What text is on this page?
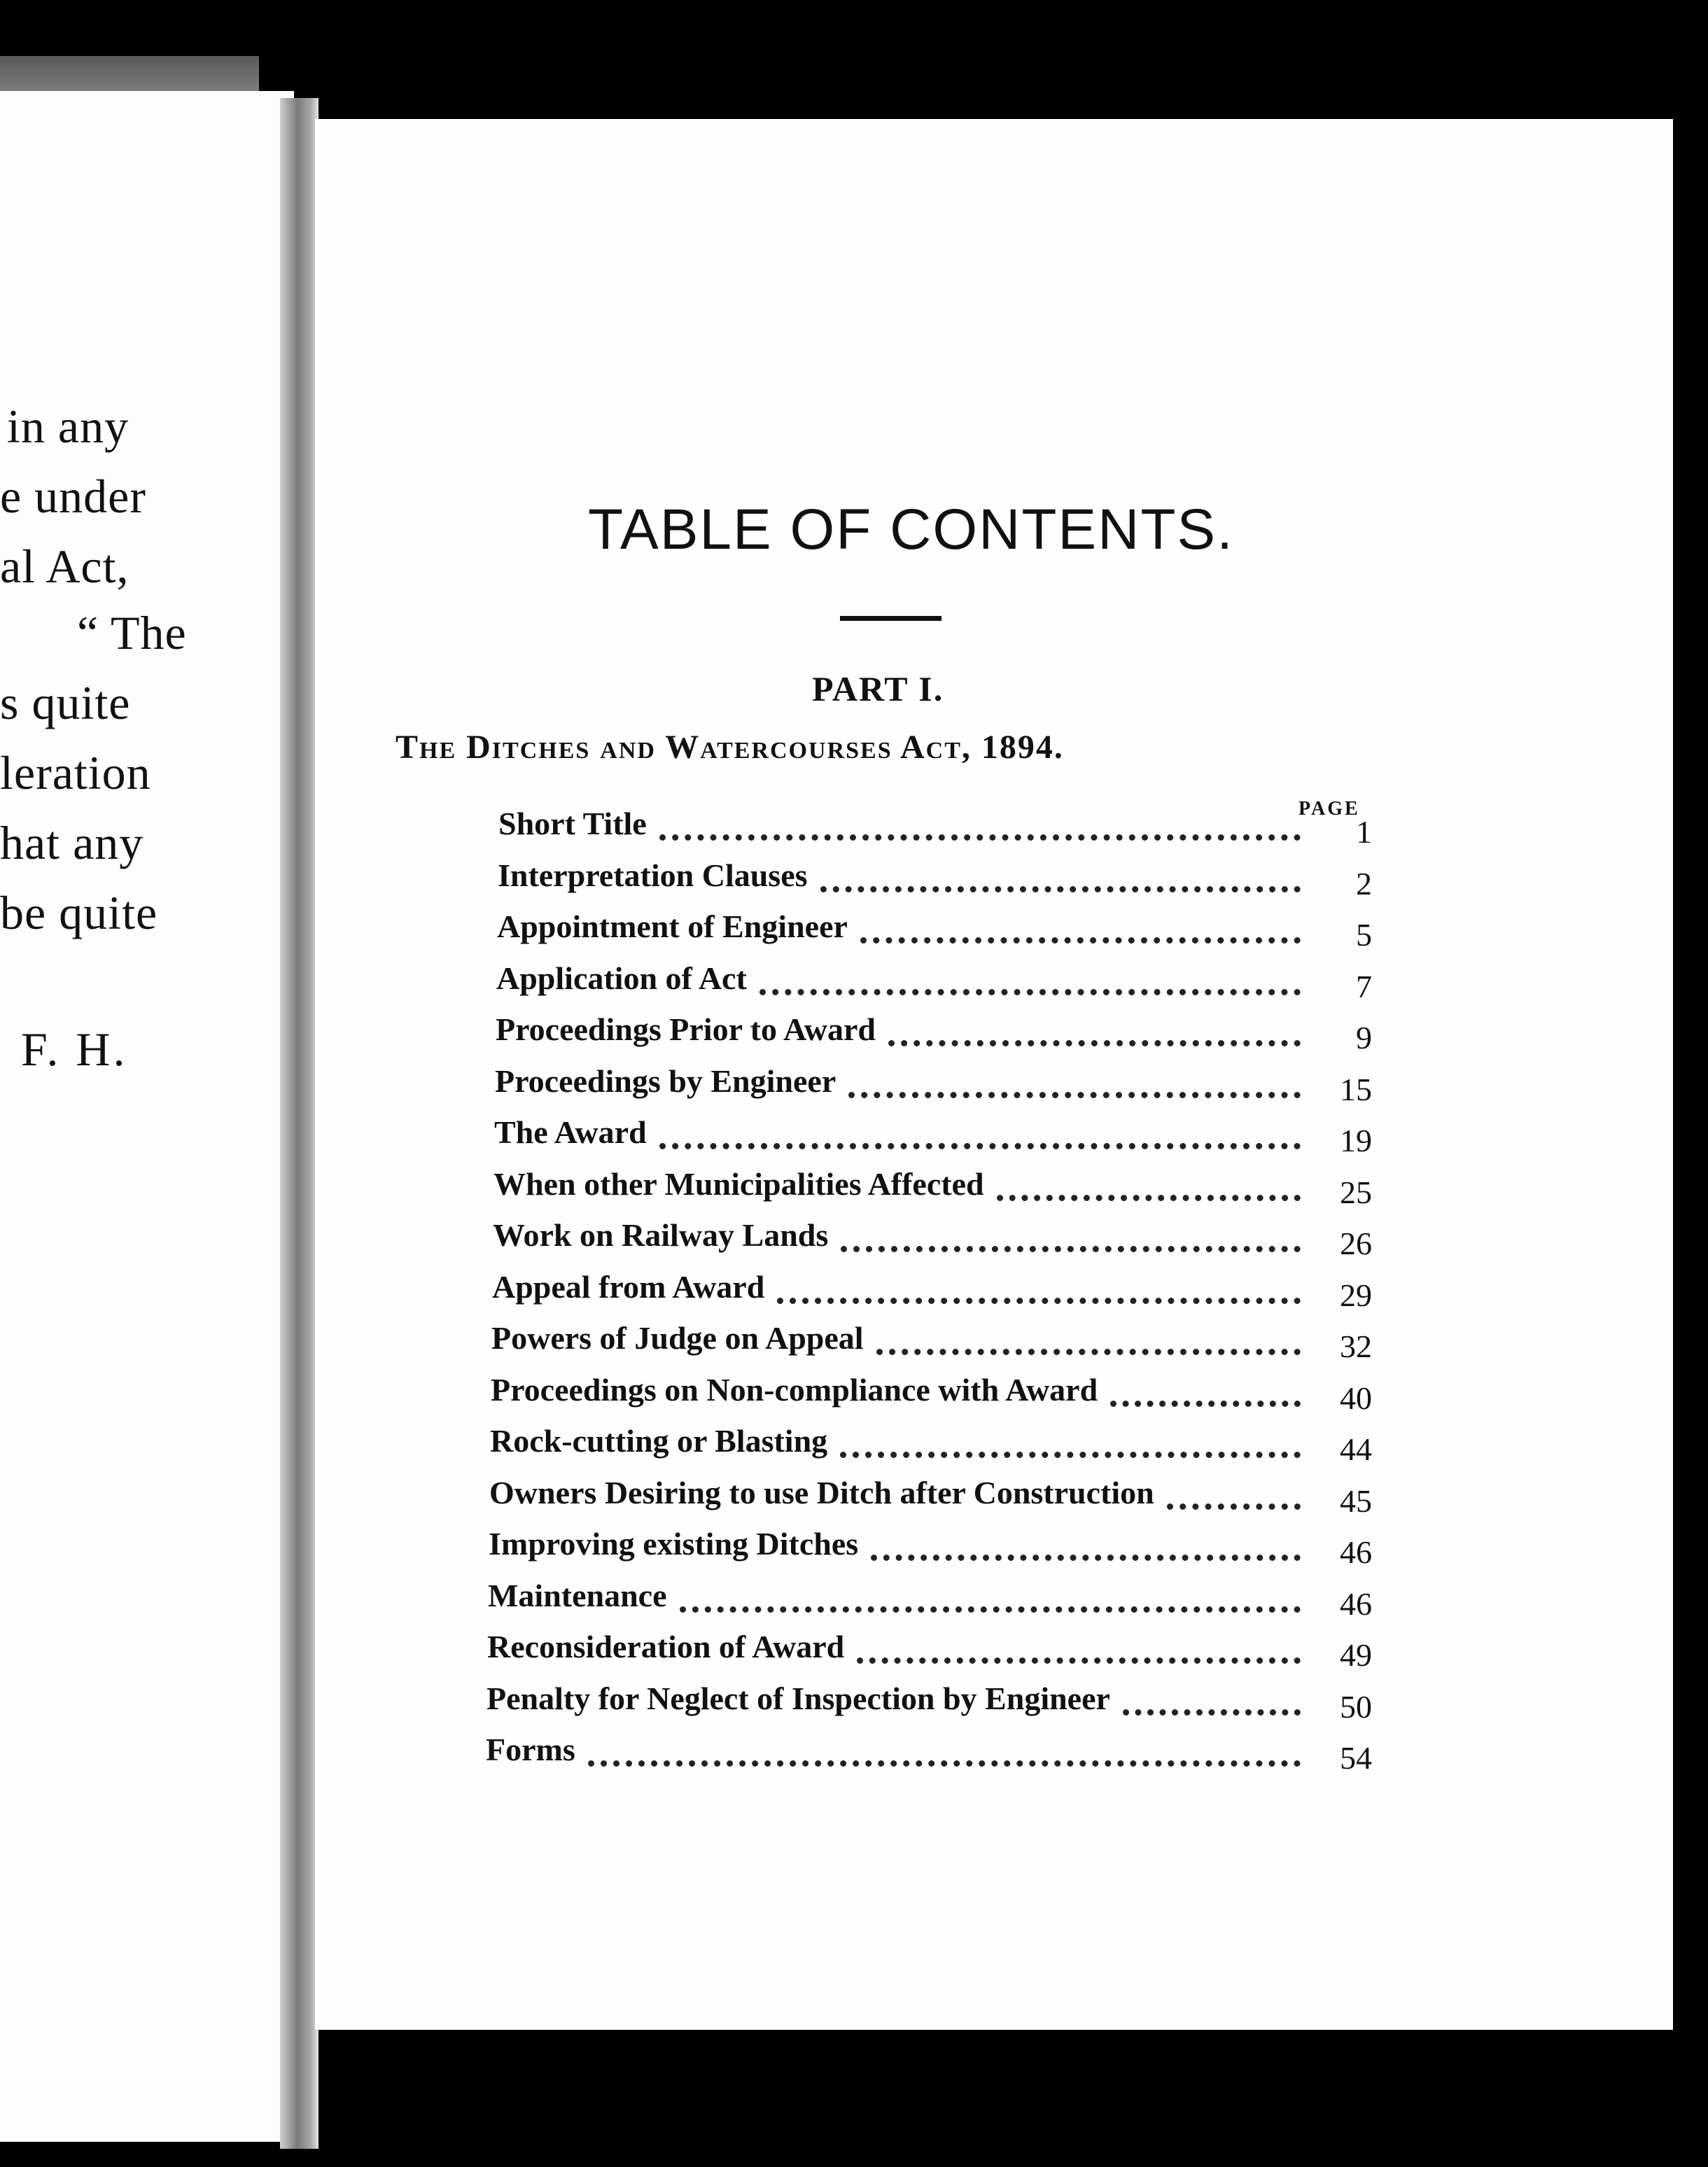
in any
e under
al Act,
“ The
s quite
leration
hat any
be quite
F. H.
TABLE OF CONTENTS.
PART I.
The Ditches and Watercourses Act, 1894.
PAGE
Short Title	1
Interpretation Clauses	2
Appointment of Engineer	5
Application of Act	7
Proceedings Prior to Award	9
Proceedings by Engineer	15
The Award	19
When other Municipalities Affected	25
Work on Railway Lands	26
Appeal from Award	29
Powers of Judge on Appeal	32
Proceedings on Non-compliance with Award	40
Rock-cutting or Blasting	44
Owners Desiring to use Ditch after Construction	45
Improving existing Ditches	46
Maintenance	46
Reconsideration of Award	49
Penalty for Neglect of Inspection by Engineer	50
Forms	54
